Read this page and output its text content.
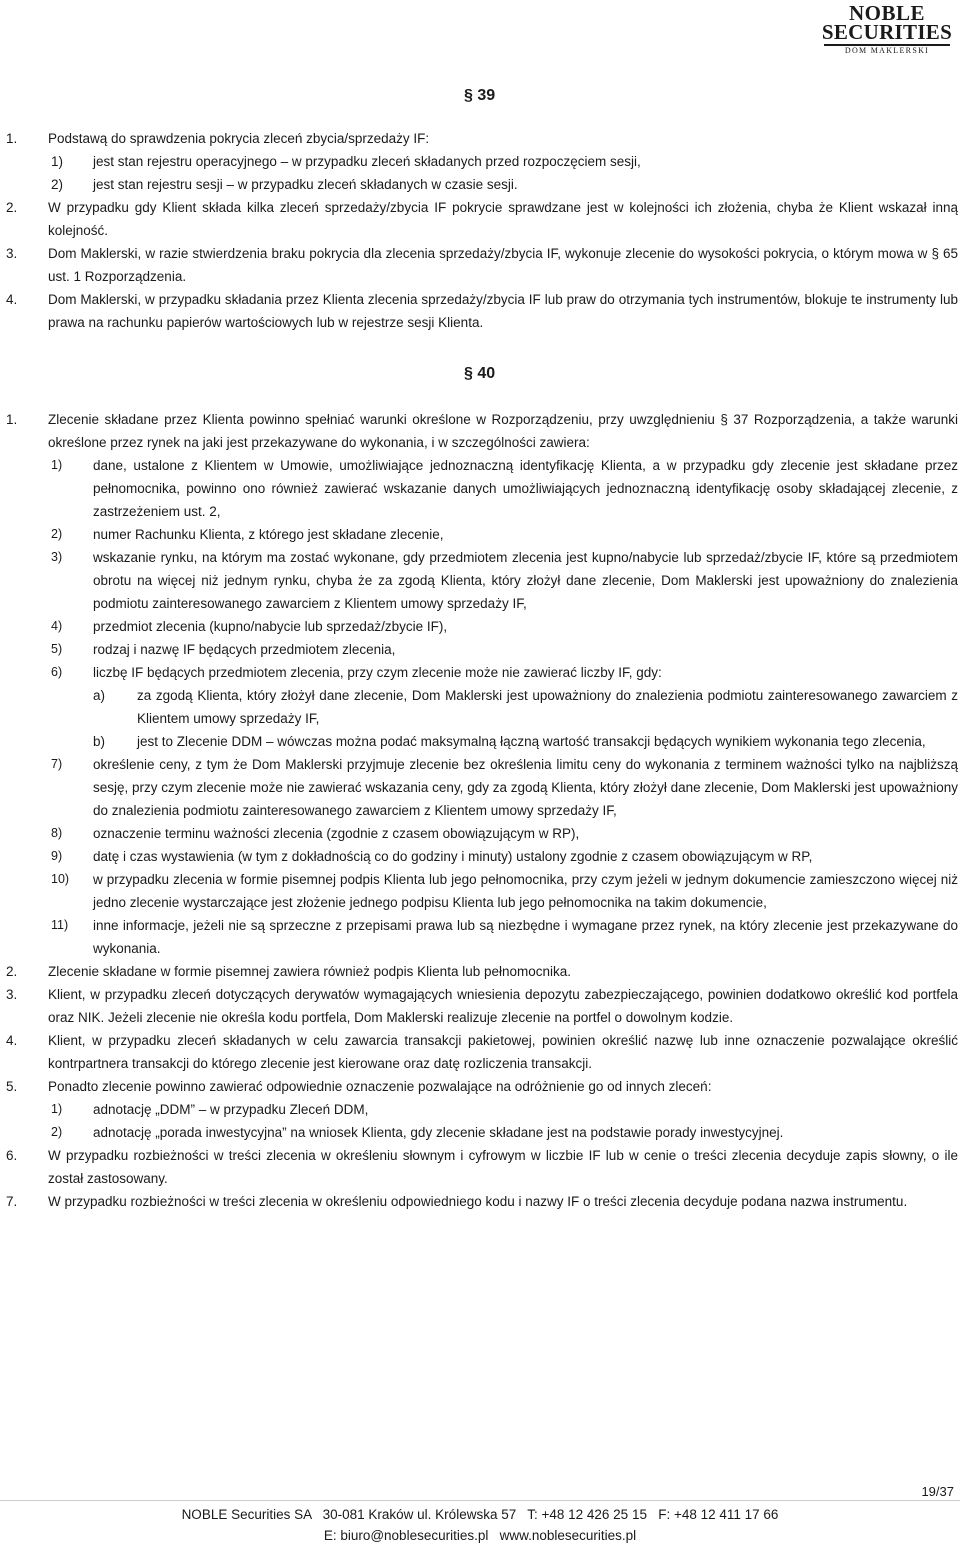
NOBLE
SECURITIES
DOM MAKLERSKI
§ 39
1. Podstawą do sprawdzenia pokrycia zleceń zbycia/sprzedaży IF:
1) jest stan rejestru operacyjnego – w przypadku zleceń składanych przed rozpoczęciem sesji,
2) jest stan rejestru sesji – w przypadku zleceń składanych w czasie sesji.
2. W przypadku gdy Klient składa kilka zleceń sprzedaży/zbycia IF pokrycie sprawdzane jest w kolejności ich złożenia, chyba że Klient wskazał inną kolejność.
3. Dom Maklerski, w razie stwierdzenia braku pokrycia dla zlecenia sprzedaży/zbycia IF, wykonuje zlecenie do wysokości pokrycia, o którym mowa w § 65 ust. 1 Rozporządzenia.
4. Dom Maklerski, w przypadku składania przez Klienta zlecenia sprzedaży/zbycia IF lub praw do otrzymania tych instrumentów, blokuje te instrumenty lub prawa na rachunku papierów wartościowych lub w rejestrze sesji Klienta.
§ 40
1. Zlecenie składane przez Klienta powinno spełniać warunki określone w Rozporządzeniu, przy uwzględnieniu § 37 Rozporządzenia, a także warunki określone przez rynek na jaki jest przekazywane do wykonania, i w szczególności zawiera:
1) dane, ustalone z Klientem w Umowie, umożliwiające jednoznaczną identyfikację Klienta, a w przypadku gdy zlecenie jest składane przez pełnomocnika, powinno ono również zawierać wskazanie danych umożliwiających jednoznaczną identyfikację osoby składającej zlecenie, z zastrzeżeniem ust. 2,
2) numer Rachunku Klienta, z którego jest składane zlecenie,
3) wskazanie rynku, na którym ma zostać wykonane, gdy przedmiotem zlecenia jest kupno/nabycie lub sprzedaż/zbycie IF, które są przedmiotem obrotu na więcej niż jednym rynku, chyba że za zgodą Klienta, który złożył dane zlecenie, Dom Maklerski jest upoważniony do znalezienia podmiotu zainteresowanego zawarciem z Klientem umowy sprzedaży IF,
4) przedmiot zlecenia (kupno/nabycie lub sprzedaż/zbycie IF),
5) rodzaj i nazwę IF będących przedmiotem zlecenia,
6) liczbę IF będących przedmiotem zlecenia, przy czym zlecenie może nie zawierać liczby IF, gdy:
a) za zgodą Klienta, który złożył dane zlecenie, Dom Maklerski jest upoważniony do znalezienia podmiotu zainteresowanego zawarciem z Klientem umowy sprzedaży IF,
b) jest to Zlecenie DDM – wówczas można podać maksymalną łączną wartość transakcji będących wynikiem wykonania tego zlecenia,
7) określenie ceny, z tym że Dom Maklerski przyjmuje zlecenie bez określenia limitu ceny do wykonania z terminem ważności tylko na najbliższą sesję, przy czym zlecenie może nie zawierać wskazania ceny, gdy za zgodą Klienta, który złożył dane zlecenie, Dom Maklerski jest upoważniony do znalezienia podmiotu zainteresowanego zawarciem z Klientem umowy sprzedaży IF,
8) oznaczenie terminu ważności zlecenia (zgodnie z czasem obowiązującym w RP),
9) datę i czas wystawienia (w tym z dokładnością co do godziny i minuty) ustalony zgodnie z czasem obowiązującym w RP,
10) w przypadku zlecenia w formie pisemnej podpis Klienta lub jego pełnomocnika, przy czym jeżeli w jednym dokumencie zamieszczono więcej niż jedno zlecenie wystarczające jest złożenie jednego podpisu Klienta lub jego pełnomocnika na takim dokumencie,
11) inne informacje, jeżeli nie są sprzeczne z przepisami prawa lub są niezbędne i wymagane przez rynek, na który zlecenie jest przekazywane do wykonania.
2. Zlecenie składane w formie pisemnej zawiera również podpis Klienta lub pełnomocnika.
3. Klient, w przypadku zleceń dotyczących derywatów wymagających wniesienia depozytu zabezpieczającego, powinien dodatkowo określić kod portfela oraz NIK. Jeżeli zlecenie nie określa kodu portfela, Dom Maklerski realizuje zlecenie na portfel o dowolnym kodzie.
4. Klient, w przypadku zleceń składanych w celu zawarcia transakcji pakietowej, powinien określić nazwę lub inne oznaczenie pozwalające określić kontrpartnera transakcji do którego zlecenie jest kierowane oraz datę rozliczenia transakcji.
5. Ponadto zlecenie powinno zawierać odpowiednie oznaczenie pozwalające na odróżnienie go od innych zleceń:
1) adnotację „DDM” – w przypadku Zleceń DDM,
2) adnotację „porada inwestycyjna” na wniosek Klienta, gdy zlecenie składane jest na podstawie porady inwestycyjnej.
6. W przypadku rozbieżności w treści zlecenia w określeniu słownym i cyfrowym w liczbie IF lub w cenie o treści zlecenia decyduje zapis słowny, o ile został zastosowany.
7. W przypadku rozbieżności w treści zlecenia w określeniu odpowiedniego kodu i nazwy IF o treści zlecenia decyduje podana nazwa instrumentu.
19/37
NOBLE Securities SA   30-081 Kraków ul. Królewska 57   T: +48 12 426 25 15   F: +48 12 411 17 66
E: biuro@noblesecurities.pl   www.noblesecurities.pl
